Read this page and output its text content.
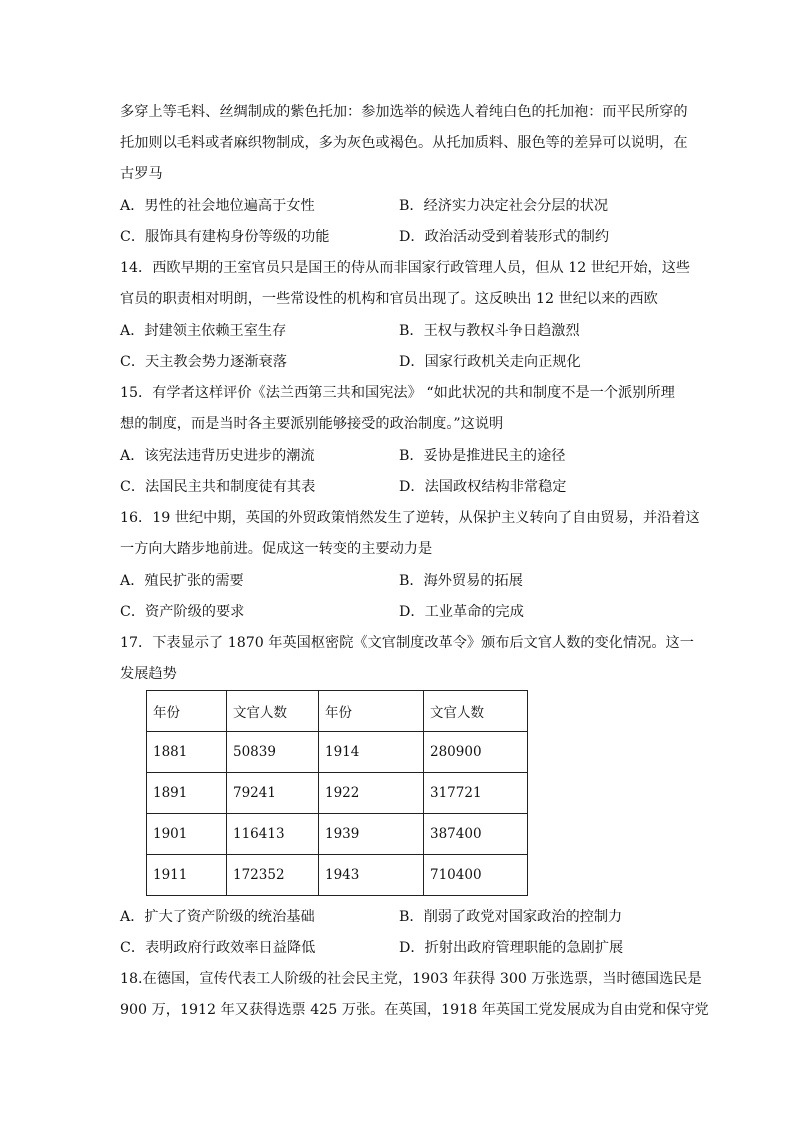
多穿上等毛料、丝绸制成的紫色托加：参加选举的候选人着纯白色的托加袍：而平民所穿的
托加则以毛料或者麻织物制成，多为灰色或褐色。从托加质料、服色等的差异可以说明，在
古罗马
A．男性的社会地位遍高于女性	B．经济实力决定社会分层的状况
C．服饰具有建构身份等级的功能	D．政治活动受到着装形式的制约
14．西欧早期的王室官员只是国王的侍从而非国家行政管理人员，但从 12 世纪开始，这些
官员的职责相对明朗，一些常设性的机构和官员出现了。这反映出 12 世纪以来的西欧
A．封建领主依赖王室生存	B．王权与教权斗争日趋激烈
C．天主教会势力逐渐衰落	D．国家行政机关走向正规化
15．有学者这样评价《法兰西第三共和国宪法》 “如此状况的共和制度不是一个派别所理
想的制度，而是当时各主要派别能够接受的政治制度。”这说明
A．该宪法违背历史进步的潮流	B．妥协是推进民主的途径
C．法国民主共和制度徒有其表	D．法国政权结构非常稳定
16．19 世纪中期，英国的外贸政策悄然发生了逆转，从保护主义转向了自由贸易，并沿着这
一方向大踏步地前进。促成这一转变的主要动力是
A．殖民扩张的需要	B．海外贸易的拓展
C．资产阶级的要求	D．工业革命的完成
17．下表显示了 1870 年英国枢密院《文官制度改革令》颁布后文官人数的变化情况。这一
发展趋势
年份	文官人数	年份	文官人数
1881	50839	1914	280900
1891	79241	1922	317721
1901	116413	1939	387400
1911	172352	1943	710400
A．扩大了资产阶级的统治基础	B．削弱了政党对国家政治的控制力
C．表明政府行政效率日益降低	D．折射出政府管理职能的急剧扩展
18.在德国，宣传代表工人阶级的社会民主党，1903 年获得 300 万张选票，当时德国选民是
900 万，1912 年又获得选票 425 万张。在英国，1918 年英国工党发展成为自由党和保守党
